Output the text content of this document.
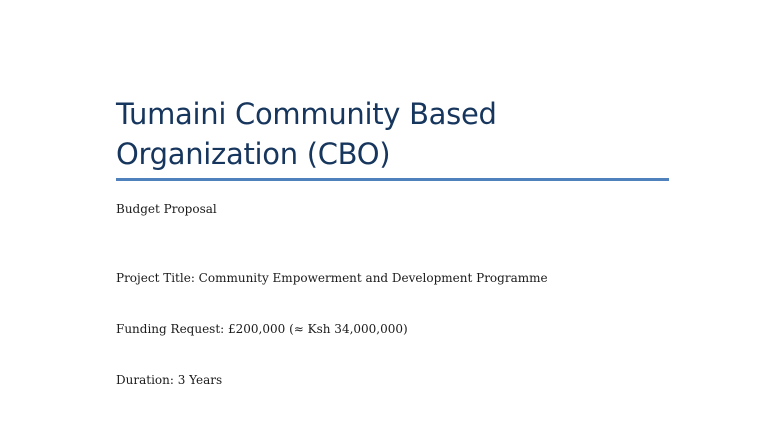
Tumaini Community Based Organization (CBO)

Budget Proposal

Project Title: Community Empowerment and Development Programme

Funding Request: £200,000 (≈ Ksh 34,000,000)

Duration: 3 Years
